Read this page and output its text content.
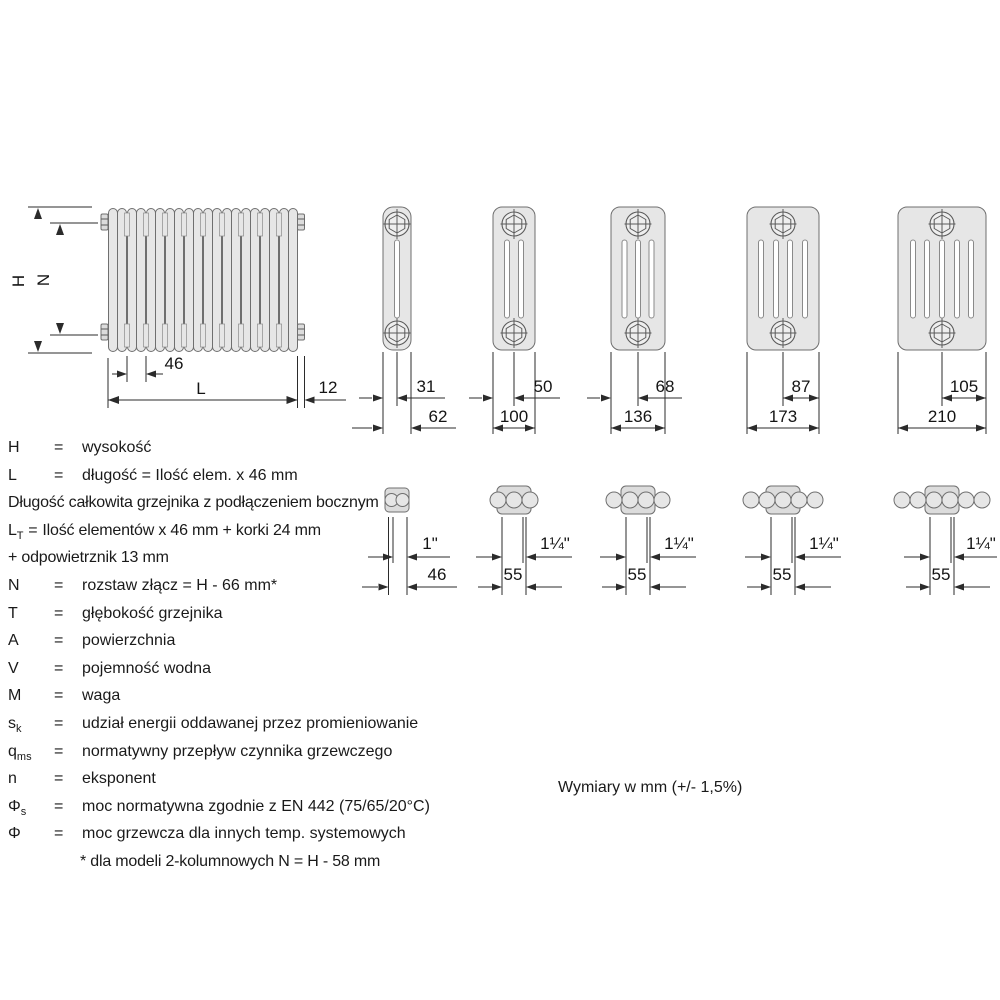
H N
46
L	12	31
62
50
100
68
136
87
173
105
210
1"
46
1¼"
55
1¼"
55
1¼"
55
1¼"
55
H	=	wysokość
L	=	długość = Ilość elem. x 46 mm
Długość całkowita grzejnika z podłączeniem bocznym
$L_T$ = Ilość elementów x 46 mm + korki 24 mm
+ odpowietrznik 13 mm
N	=	rozstaw złącz = H - 66 mm*
T	=	głębokość grzejnika
A	=	powierzchnia
V	=	pojemność wodna
M	=	waga
$s_k$	=	udział energii oddawanej przez promieniowanie
$q_{ms}$	=	normatywny przepływ czynnika grzewczego
n	=	eksponent
$\Phi_s$	=	moc normatywna zgodnie z EN 442 (75/65/20°C)
Φ	=	moc grzewcza dla innych temp. systemowych
* dla modeli 2-kolumnowych N = H - 58 mm
Wymiary w mm (+/- 1,5%)
